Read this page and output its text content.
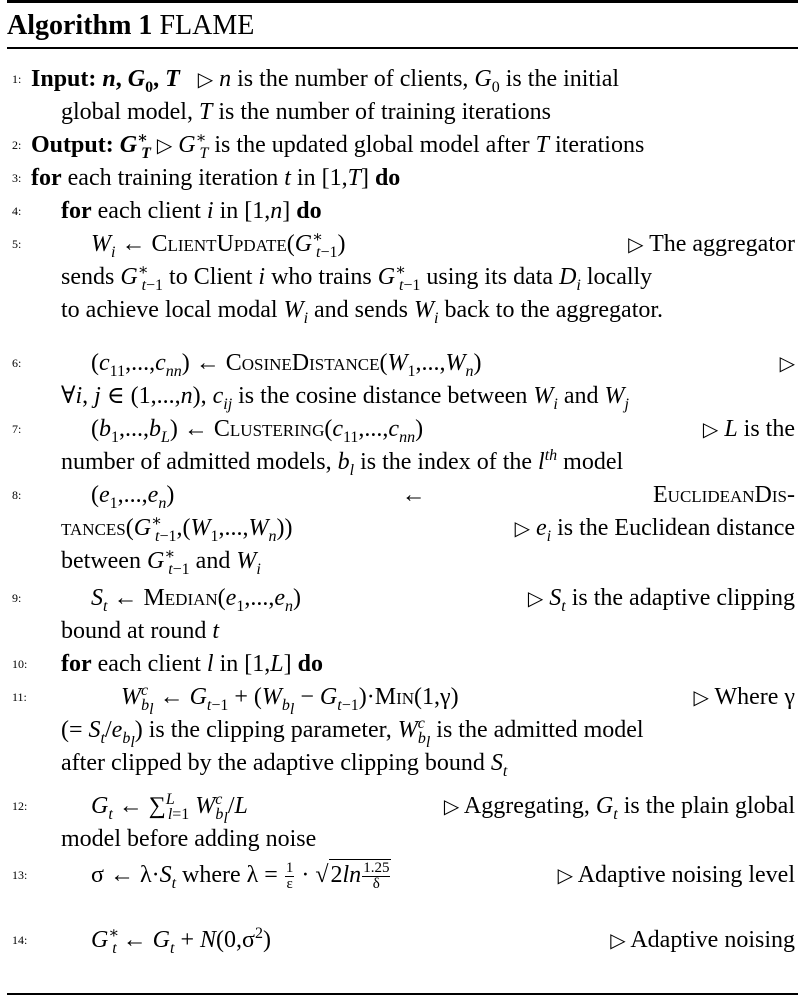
Algorithm 1 FLAME
1:
2:
3:
4:
5:
6:
7:
8:
9:
10:
11:
12:
13:
14:
Input: n, $G_0$, T ▷ n is the number of clients, $G_0$ is the initial
global model, T is the number of training iterations
Output: $G^∗_T$ ▷ $G^∗_T$ is the updated global model after T iterations
for each training iteration t in [1,T] do
for each client i in [1,n] do
$W_i$ ← $ClientUpdate(G^∗_{t-1})$	▷ The aggregator
sends $G^∗_{t-1}$ to Client i who trains $G^∗_{t-1}$ using its data $D_i$ locally
to achieve local modal $W_i$ and sends $W_i$ back to the aggregator.
$(c_{11},...,c_{nn})$ ← $CosineDistance(W_1,...,W_n)$	▷
∀i, j ∈ (1,...,n), $c_{ij}$ is the cosine distance between $W_i$ and $W_j$
$(b_1,...,b_L)$ ← $Clustering(c_{11},...,c_{nn})$	▷ L is the
number of admitted models, $b_l$ is the index of the $l^{th}$ model
$(e_1,...,e_n)$ ← EuclideanDis-
$tances(G^∗_{t-1},(W_1,...,W_n))$	▷ $e_i$ is the Euclidean distance
between $G^∗_{t-1}$ and $W_i$
$S_t$ ← $Median(e_1,...,e_n)$	▷ $S_t$ is the adaptive clipping
bound at round t
for each client l in [1,L] do
$W^c_{b_l}$ ← $G_{t-1} + (W_{b_l} - G_{t-1})\cdot Min(1,\gamma)$	▷ Where γ
(= $S_t/e_{b_l}$) is the clipping parameter, $W^c_{b_l}$ is the admitted model
after clipped by the adaptive clipping bound $S_t$
$G_t$ ← ∑$^L_{l=1}$ $W^c_{b_l}/L$	▷ Aggregating, $G_t$ is the plain global
model before adding noise
σ ← $\lambda\cdot S_t$ where $\lambda = \frac{1}{\varepsilon} \cdot √2\ln \frac{1.25}{\delta}$	▷ Adaptive noising level
$G^∗_t$ ← $G_t + N(0,\sigma^2)$	▷ Adaptive noising
